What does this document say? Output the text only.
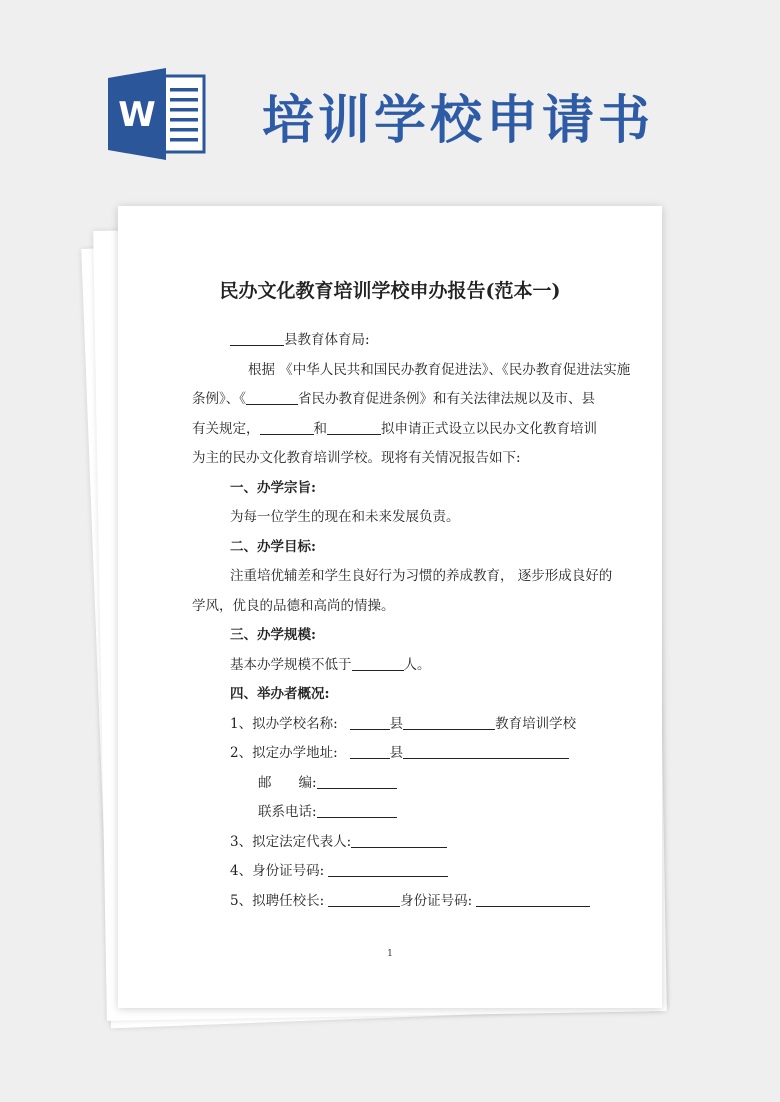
W 培训学校申请书
民办文化教育培训学校申办报告(范本一)
县教育体育局:
根据 《中华人民共和国民办教育促进法》、《民办教育促进法实施
条例》、《	省民办教育促进条例》和有关法律法规以及市、县
有关规定，	和	拟申请正式设立以民办文化教育培训
为主的民办文化教育培训学校。现将有关情况报告如下:
一、办学宗旨:
为每一位学生的现在和未来发展负责。
二、办学目标:
注重培优辅差和学生良好行为习惯的养成教育， 逐步形成良好的
学风，优良的品德和高尚的情操。
三、办学规模:
基本办学规模不低于	人。
四、举办者概况:
1、拟办学校名称:	县	教育培训学校
2、拟定办学地址:	县
邮　　编:
联系电话:
3、拟定法定代表人:
4、身份证号码:
5、拟聘任校长:	身份证号码:
1
